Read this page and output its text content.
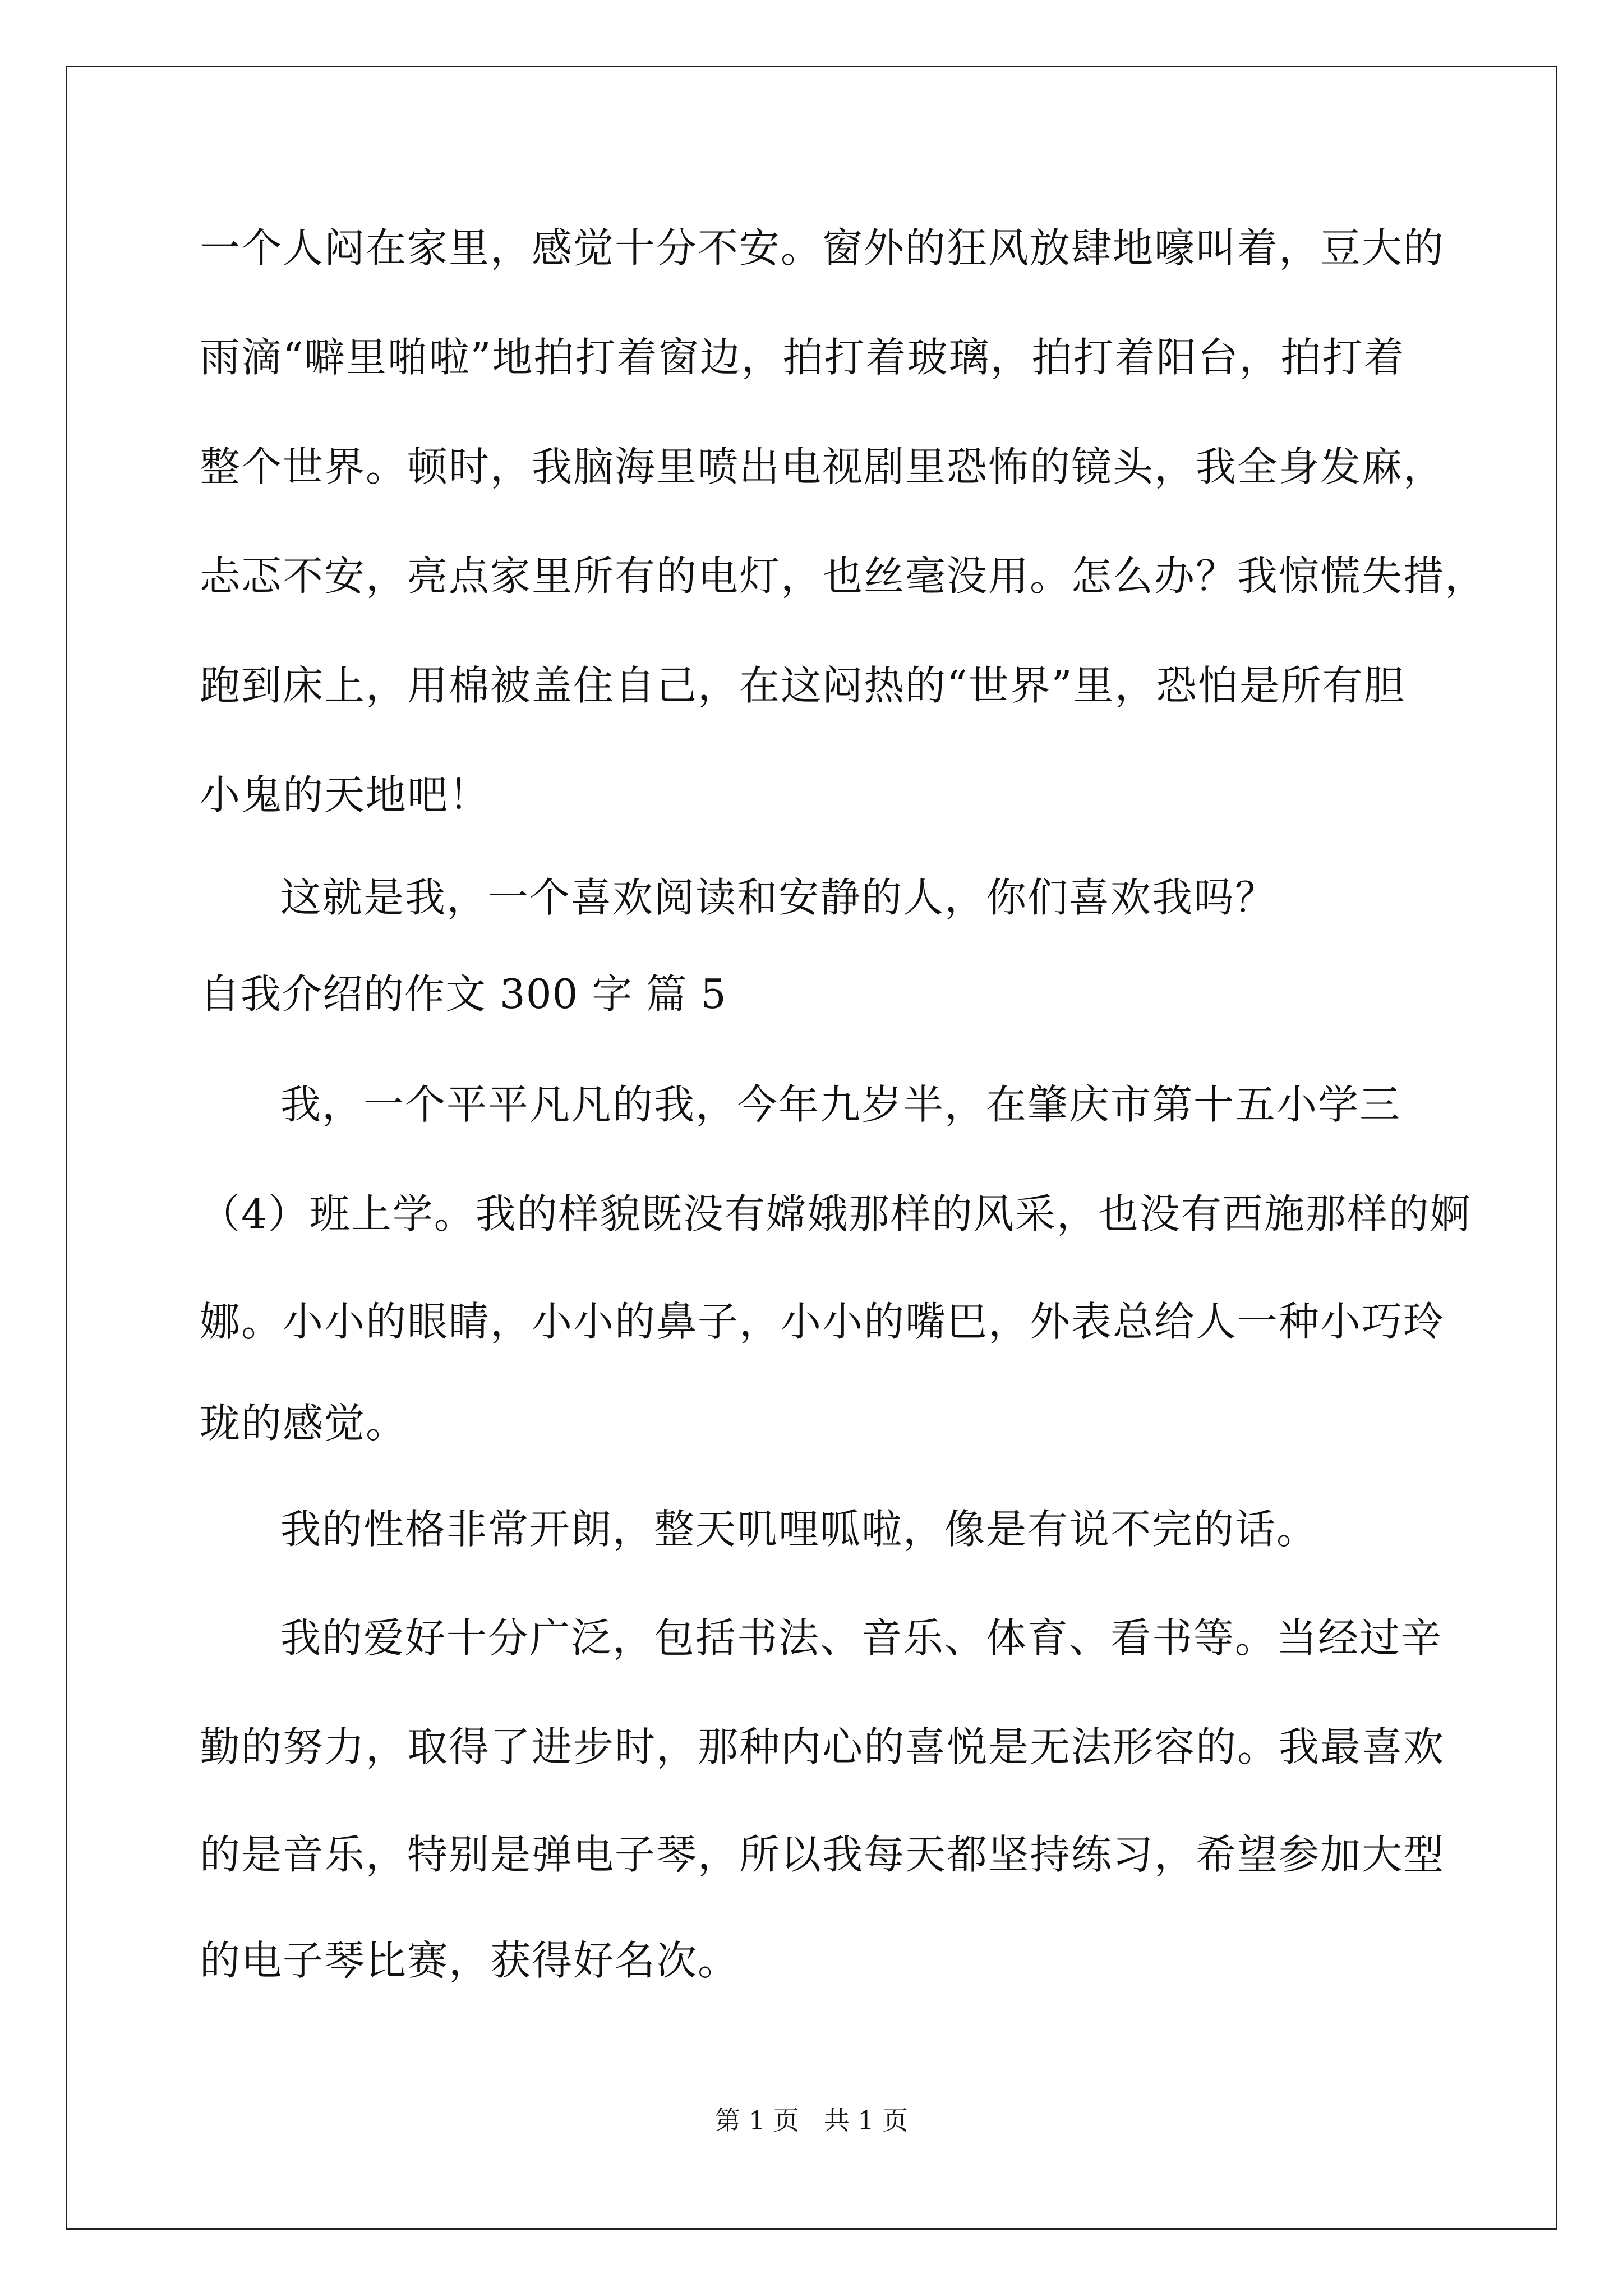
一个人闷在家里，感觉十分不安。窗外的狂风放肆地嚎叫着，豆大的
雨滴“噼里啪啦”地拍打着窗边，拍打着玻璃，拍打着阳台，拍打着
整个世界。顿时，我脑海里喷出电视剧里恐怖的镜头，我全身发麻，
忐忑不安，亮点家里所有的电灯，也丝毫没用。怎么办？我惊慌失措，
跑到床上，用棉被盖住自己，在这闷热的“世界”里，恐怕是所有胆
小鬼的天地吧！
这就是我，一个喜欢阅读和安静的人，你们喜欢我吗？
自我介绍的作文 300 字 篇 5
我，一个平平凡凡的我，今年九岁半，在肇庆市第十五小学三
（4）班上学。我的样貌既没有嫦娥那样的风采，也没有西施那样的婀
娜。小小的眼睛，小小的鼻子，小小的嘴巴，外表总给人一种小巧玲
珑的感觉。
我的性格非常开朗，整天叽哩呱啦，像是有说不完的话。
我的爱好十分广泛，包括书法、音乐、体育、看书等。当经过辛
勤的努力，取得了进步时，那种内心的喜悦是无法形容的。我最喜欢
的是音乐，特别是弹电子琴，所以我每天都坚持练习，希望参加大型
的电子琴比赛，获得好名次。
第 1 页   共 1 页
